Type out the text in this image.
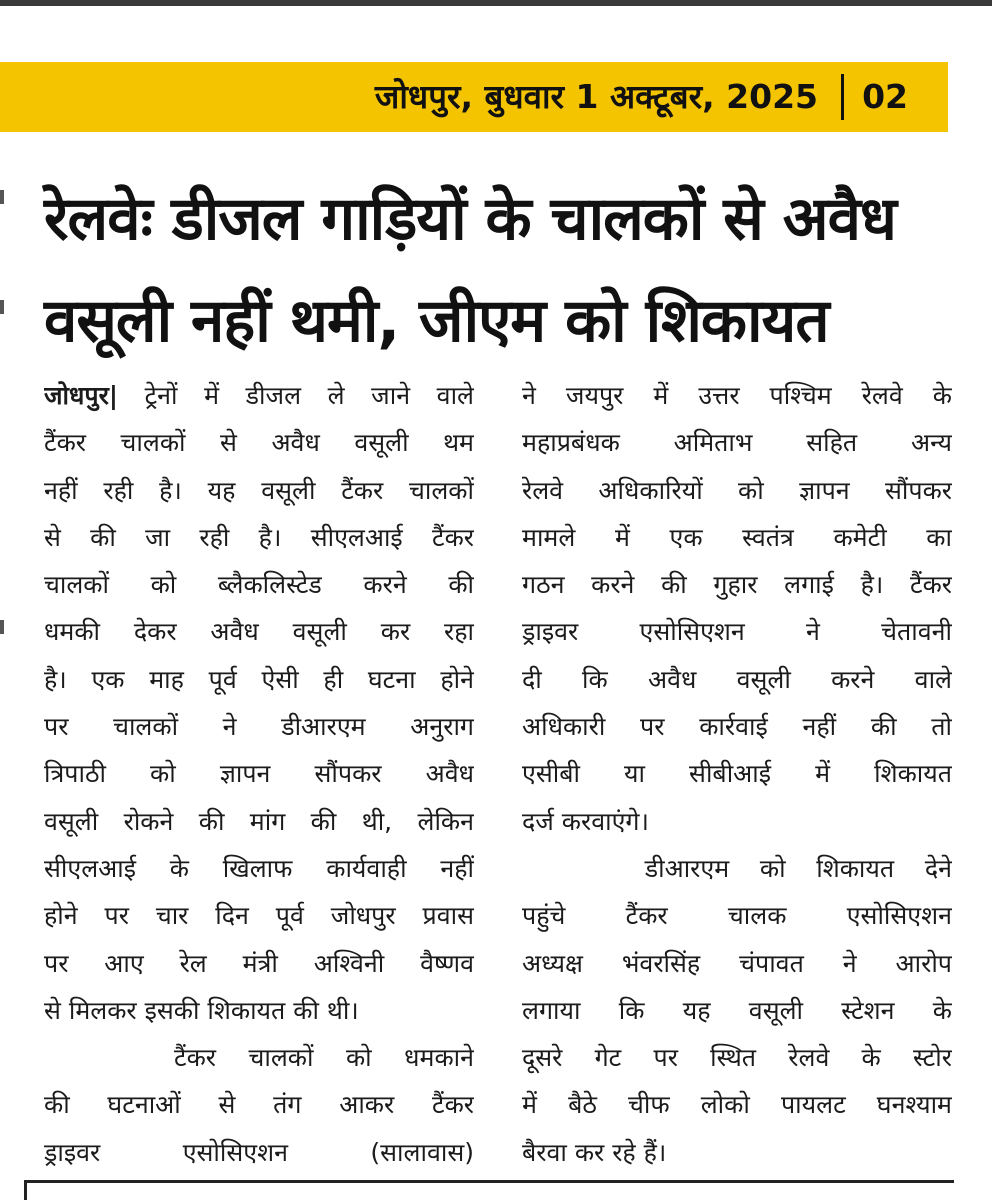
जोधपुर, बुधवार 1 अक्टूबर, 2025 02
रेलवेः डीजल गाड़ियों के चालकों से अवैध
वसूली नहीं थमी, जीएम को शिकायत
जोधपुर| ट्रेनों में डीजल ले जाने वाले
टैंकर चालकों से अवैध वसूली थम
नहीं रही है। यह वसूली टैंकर चालकों
से की जा रही है। सीएलआई टैंकर
चालकों को ब्लैकलिस्टेड करने की
धमकी देकर अवैध वसूली कर रहा
है। एक माह पूर्व ऐसी ही घटना होने
पर चालकों ने डीआरएम अनुराग
त्रिपाठी को ज्ञापन सौंपकर अवैध
वसूली रोकने की मांग की थी, लेकिन
सीएलआई के खिलाफ कार्यवाही नहीं
होने पर चार दिन पूर्व जोधपुर प्रवास
पर आए रेल मंत्री अश्विनी वैष्णव
से मिलकर इसकी शिकायत की थी।
टैंकर चालकों को धमकाने
की घटनाओं से तंग आकर टैंकर
ड्राइवर एसोसिएशन (सालावास)
ने जयपुर में उत्तर पश्चिम रेलवे के
महाप्रबंधक अमिताभ सहित अन्य
रेलवे अधिकारियों को ज्ञापन सौंपकर
मामले में एक स्वतंत्र कमेटी का
गठन करने की गुहार लगाई है। टैंकर
ड्राइवर एसोसिएशन ने चेतावनी
दी कि अवैध वसूली करने वाले
अधिकारी पर कार्रवाई नहीं की तो
एसीबी या सीबीआई में शिकायत
दर्ज करवाएंगे।
डीआरएम को शिकायत देने
पहुंचे टैंकर चालक एसोसिएशन
अध्यक्ष भंवरसिंह चंपावत ने आरोप
लगाया कि यह वसूली स्टेशन के
दूसरे गेट पर स्थित रेलवे के स्टोर
में बैठे चीफ लोको पायलट घनश्याम
बैरवा कर रहे हैं।
